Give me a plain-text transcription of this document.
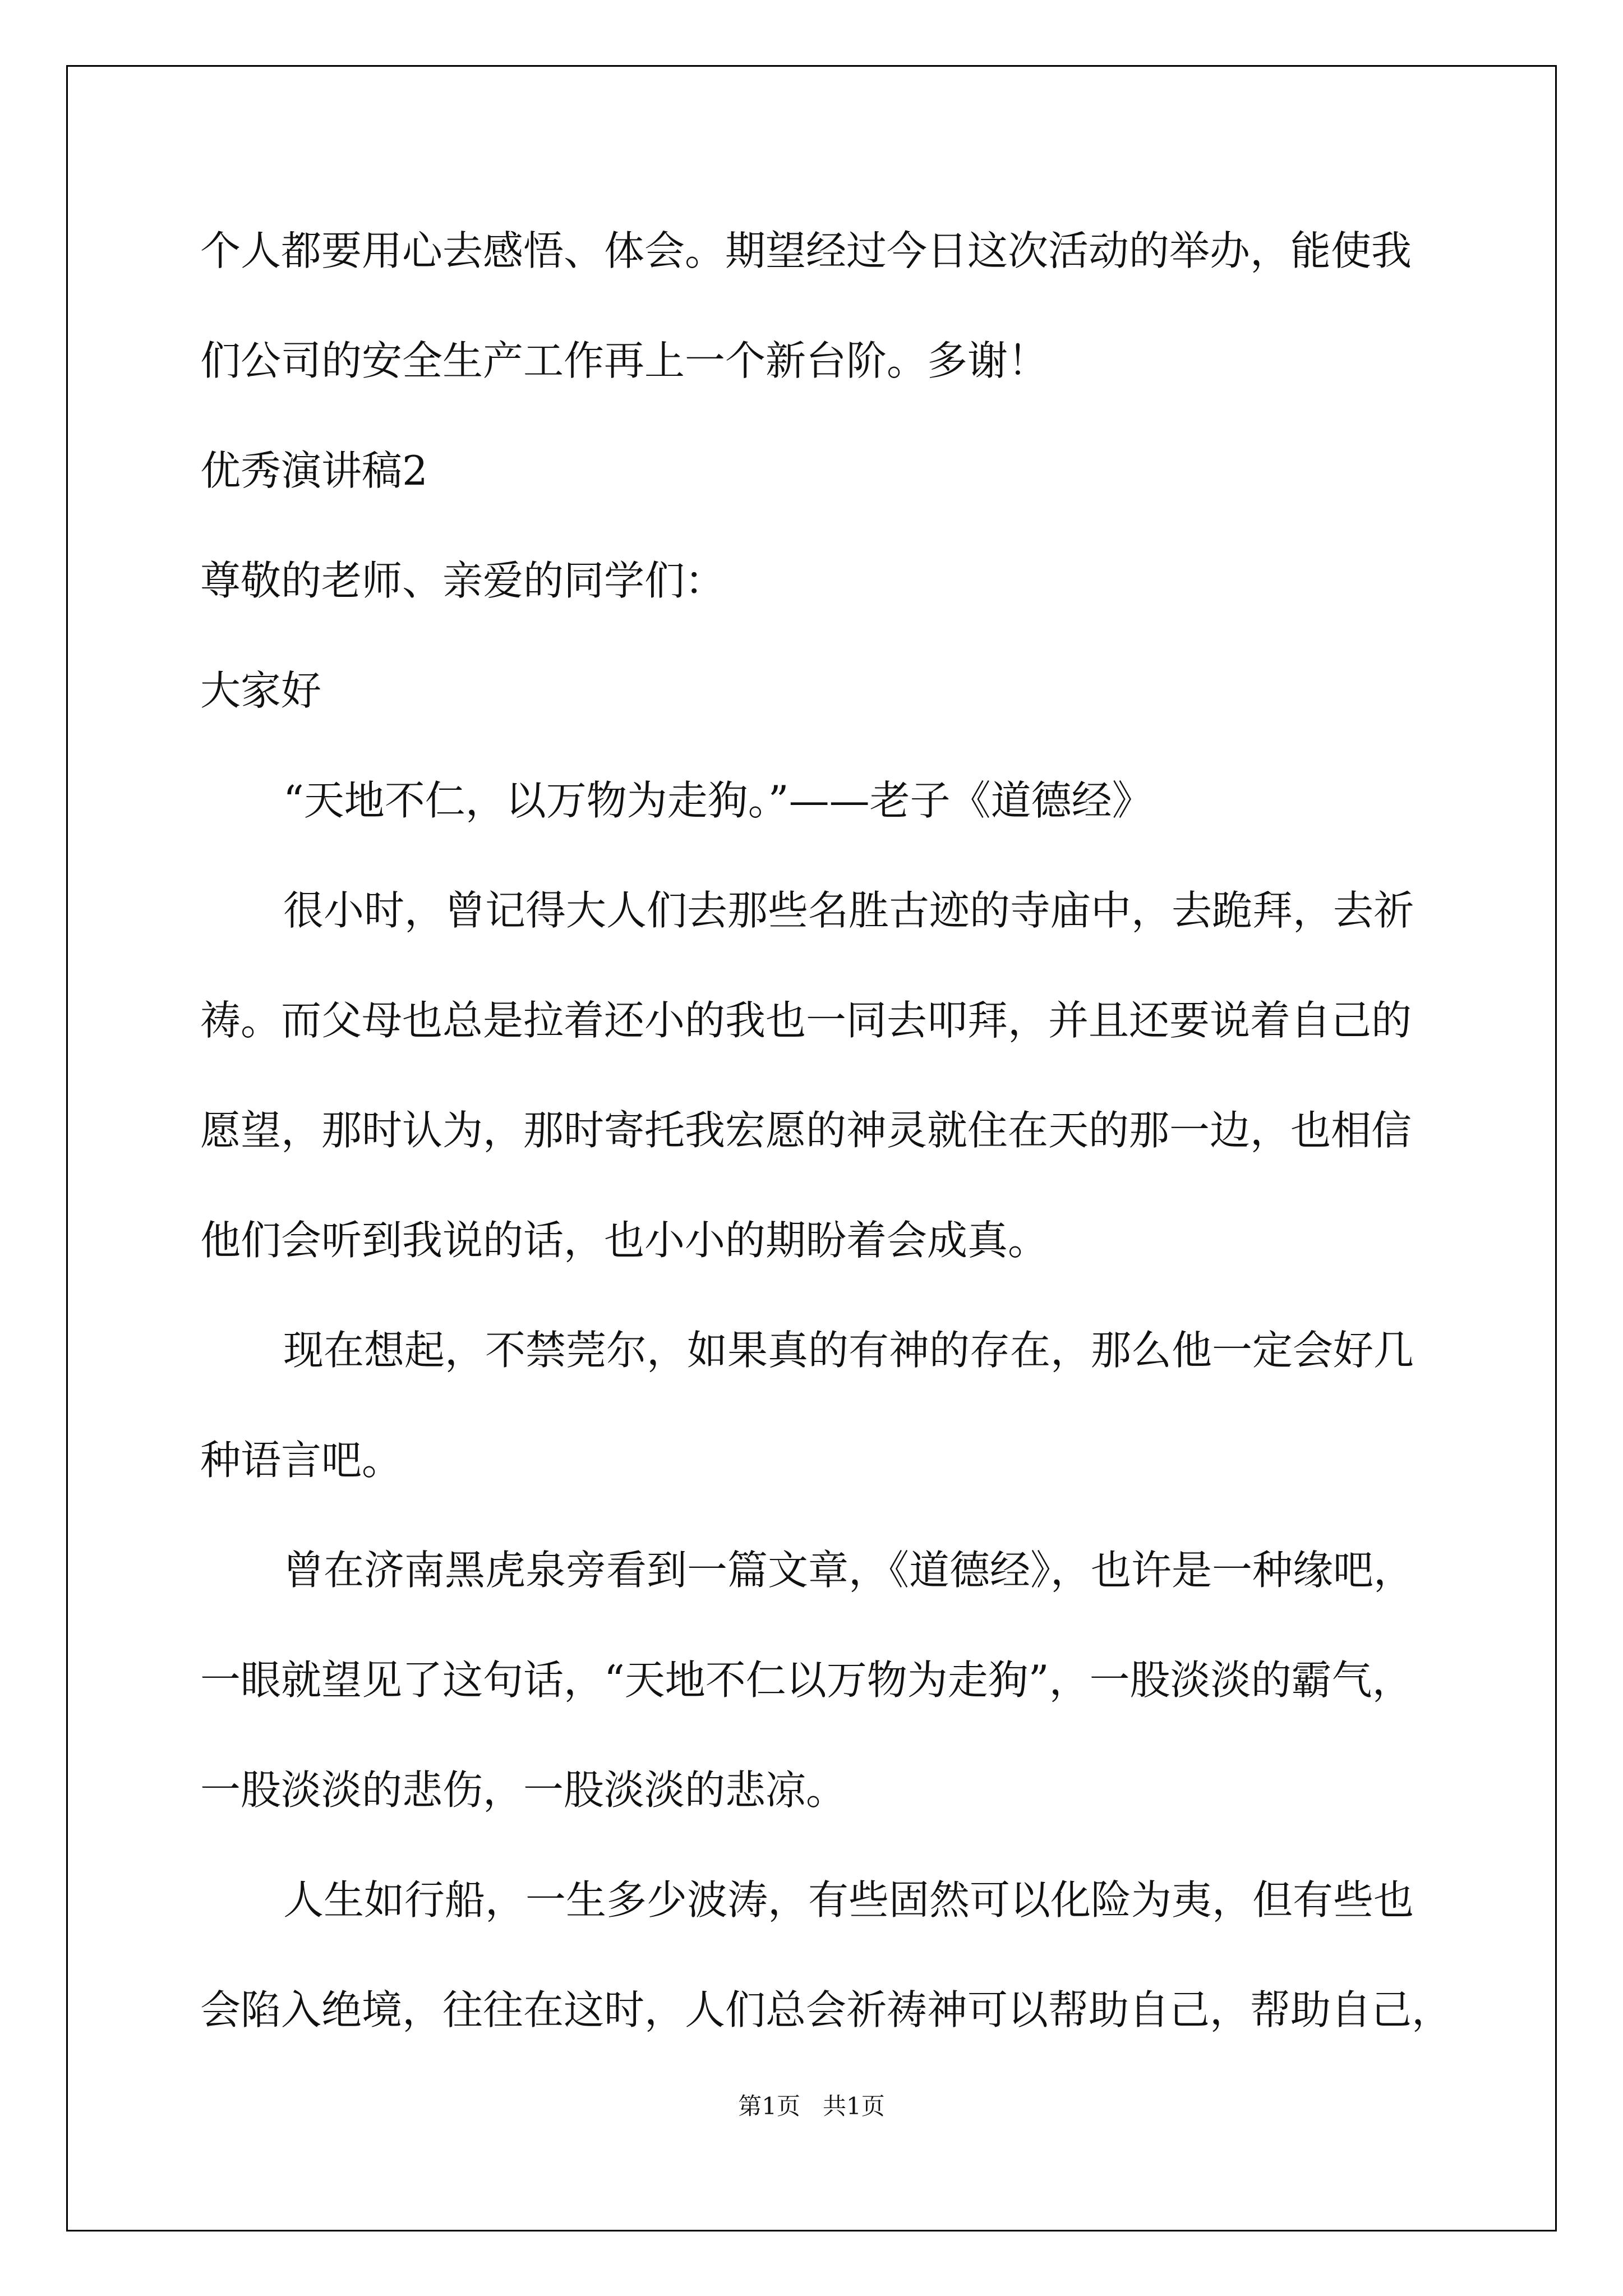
个人都要用心去感悟、体会。期望经过今日这次活动的举办，能使我

们公司的安全生产工作再上一个新台阶。多谢！

优秀演讲稿2

尊敬的老师、亲爱的同学们：

大家好

“天地不仁，以万物为走狗。”——老子《道德经》

很小时，曾记得大人们去那些名胜古迹的寺庙中，去跪拜，去祈

祷。而父母也总是拉着还小的我也一同去叩拜，并且还要说着自己的

愿望，那时认为，那时寄托我宏愿的神灵就住在天的那一边，也相信

他们会听到我说的话，也小小的期盼着会成真。

现在想起，不禁莞尔，如果真的有神的存在，那么他一定会好几

种语言吧。

曾在济南黑虎泉旁看到一篇文章，《道德经》，也许是一种缘吧，

一眼就望见了这句话，“天地不仁以万物为走狗”，一股淡淡的霸气，

一股淡淡的悲伤，一股淡淡的悲凉。

人生如行船，一生多少波涛，有些固然可以化险为夷，但有些也

会陷入绝境，往往在这时，人们总会祈祷神可以帮助自己，帮助自己，

第1页 共1页
